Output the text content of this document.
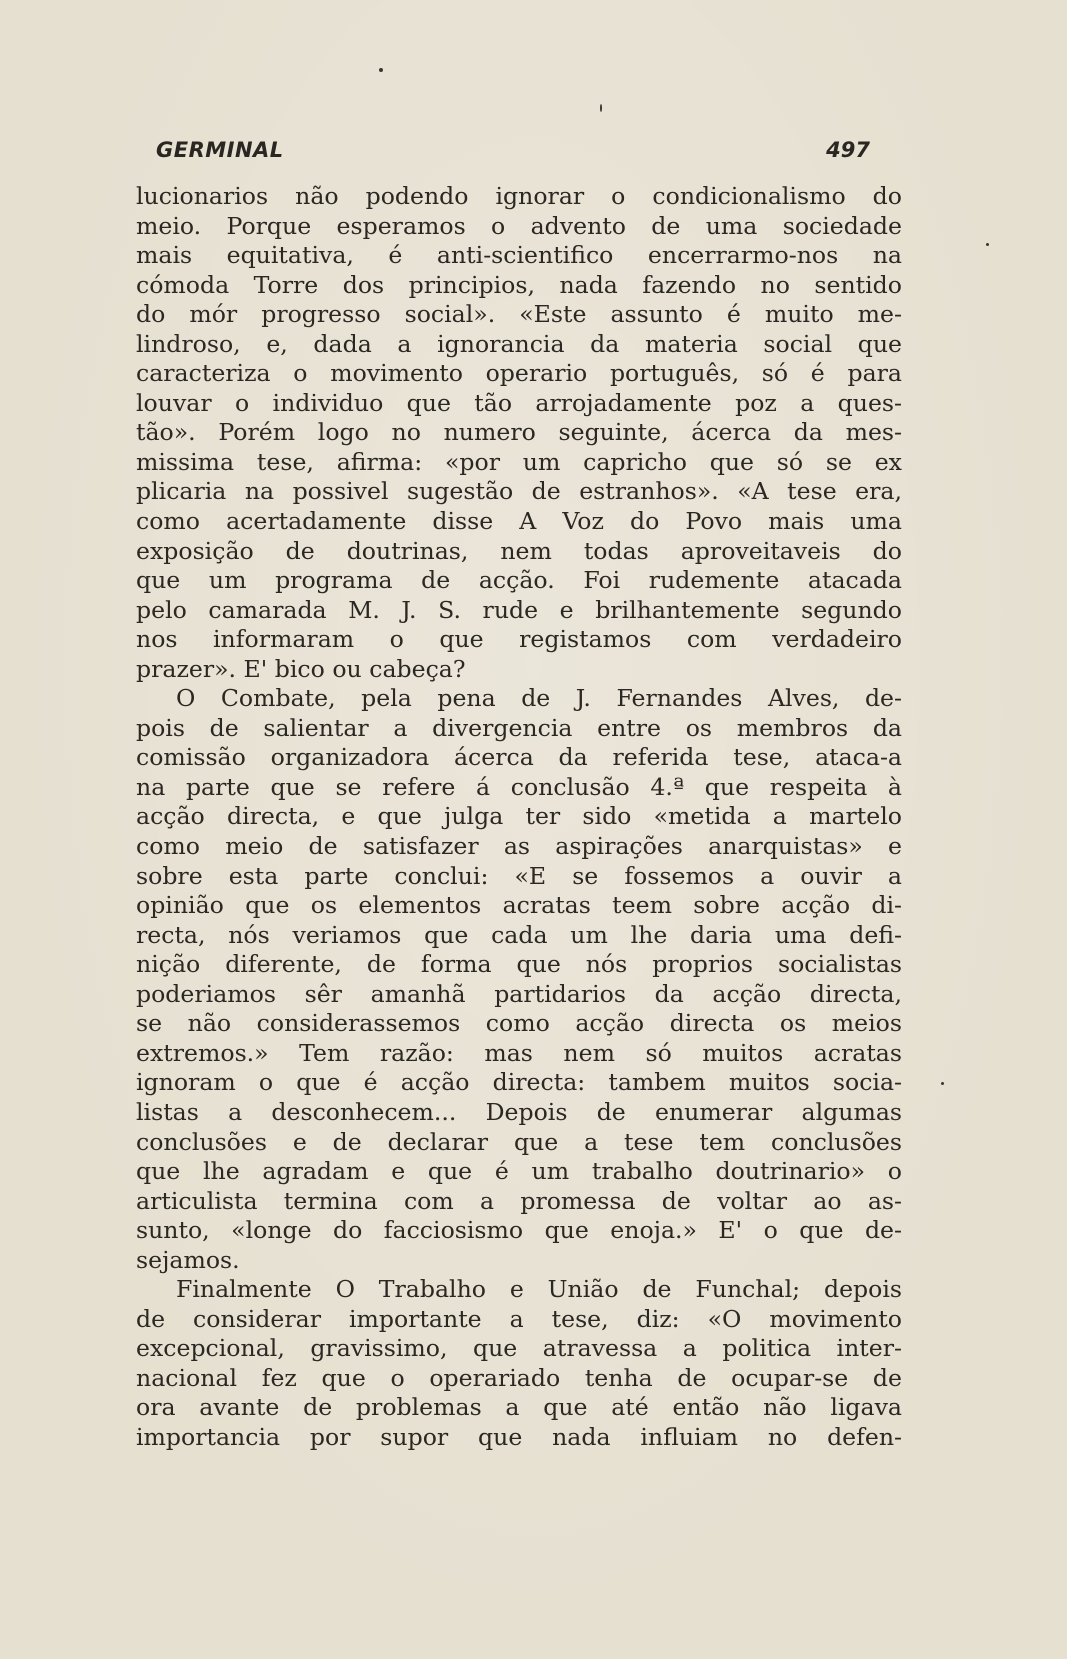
GERMINAL	497
lucionarios não podendo ignorar o condicionalismo do
meio. Porque esperamos o advento de uma sociedade
mais equitativa, é anti-scientifico encerrarmo-nos na
cómoda Torre dos principios, nada fazendo no sentido
do mór progresso social». «Este assunto é muito me-
lindroso, e, dada a ignorancia da materia social que
caracteriza o movimento operario português, só é para
louvar o individuo que tão arrojadamente poz a ques-
tão». Porém logo no numero seguinte, ácerca da mes-
missima tese, afirma: «por um capricho que só se ex
plicaria na possivel sugestão de estranhos». «A tese era,
como acertadamente disse A Voz do Povo mais uma
exposição de doutrinas, nem todas aproveitaveis do
que um programa de acção. Foi rudemente atacada
pelo camarada M. J. S. rude e brilhantemente segundo
nos informaram o que registamos com verdadeiro
prazer». E' bico ou cabeça?
O Combate, pela pena de J. Fernandes Alves, de-
pois de salientar a divergencia entre os membros da
comissão organizadora ácerca da referida tese, ataca-a
na parte que se refere á conclusão 4.ª que respeita à
acção directa, e que julga ter sido «metida a martelo
como meio de satisfazer as aspirações anarquistas» e
sobre esta parte conclui: «E se fossemos a ouvir a
opinião que os elementos acratas teem sobre acção di-
recta, nós veriamos que cada um lhe daria uma defi-
nição diferente, de forma que nós proprios socialistas
poderiamos sêr amanhã partidarios da acção directa,
se não considerassemos como acção directa os meios
extremos.» Tem razão: mas nem só muitos acratas
ignoram o que é acção directa: tambem muitos socia-
listas a desconhecem... Depois de enumerar algumas
conclusões e de declarar que a tese tem conclusões
que lhe agradam e que é um trabalho doutrinario» o
articulista termina com a promessa de voltar ao as-
sunto, «longe do facciosismo que enoja.» E' o que de-
sejamos.
Finalmente O Trabalho e União de Funchal; depois
de considerar importante a tese, diz: «O movimento
excepcional, gravissimo, que atravessa a politica inter-
nacional fez que o operariado tenha de ocupar-se de
ora avante de problemas a que até então não ligava
importancia por supor que nada influiam no defen-
